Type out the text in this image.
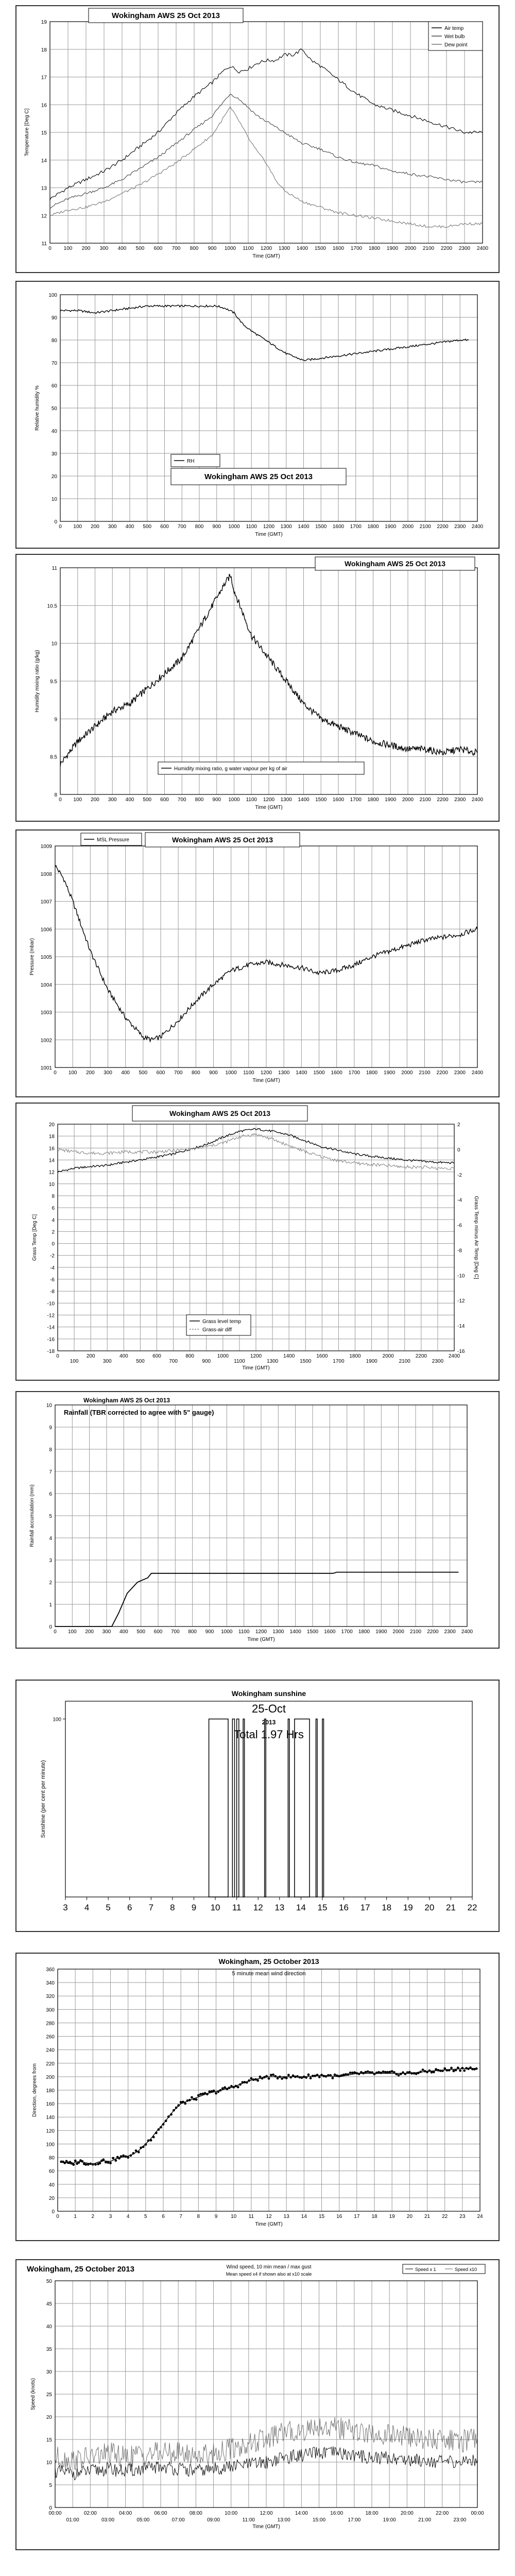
0 100 200 300 400 500 600 700 800 900 1000 1100 1200 1300 1400 1500 1600 1700 1800 1900 2000 2100 2200 2300 2400
11
12
13
14
15
16
17
18
19
Time (GMT)
Temperature [Deg C]
Wokingham AWS 25 Oct 2013
Air temp
Wet bulb
Dew point
0 100 200 300 400 500 600 700 800 900 1000 1100 1200 1300 1400 1500 1600 1700 1800 1900 2000 2100 2200 2300 2400
0
10
20
30
40
50
60
70
80
90
100
Time (GMT)
Relative humidity %
RH
Wokingham AWS 25 Oct 2013
0 100 200 300 400 500 600 700 800 900 1000 1100 1200 1300 1400 1500 1600 1700 1800 1900 2000 2100 2200 2300 2400
8
8.5
9
9.5
10
10.5
11
Time (GMT)
Humidity mixing ratio (g/kg)
Wokingham AWS 25 Oct 2013
Humidity mixing ratio, g water vapour per kg of air
0 100 200 300 400 500 600 700 800 900 1000 1100 1200 1300 1400 1500 1600 1700 1800 1900 2000 2100 2200 2300 2400
1001
1002
1003
1004
1005
1006
1007
1008
1009
Time (GMT)
Pressure (mbar)
MSL Pressure	Wokingham AWS 25 Oct 2013
0
100
200
300
400
500
600
700
800
900
1000
1100
1200
1300
1400
1500
1600
1700
1800
1900
2000
2100
2200
2300
2400
-18
-16
-14
-12
-10
-8
-6
-4
-2
0
2
4
6
8
10
12
14
16
18
20
Time (GMT)
Grass Temp [Deg C]
-16
-14
-12
-10
-8
-6
-4
-2
0
2
Grass Temp minus Air Temp [Deg C]
Wokingham AWS 25 Oct 2013
Grass level temp
Grass-air diff
0 100 200 300 400 500 600 700 800 900 1000 1100 1200 1300 1400 1500 1600 1700 1800 1900 2000 2100 2200 2300 2400
0
1
2
3
4
5
6
7
8
9
10
Time (GMT)
Rainfall accumulation (mm)
Wokingham AWS 25 Oct 2013
Rainfall (TBR corrected to agree with 5" gauge)
3 4 5 6 7 8 9 10 11 12 13 14 15 16 17 18 19 20 21 22
100
Sunshine (per cent per minute)
Wokingham sunshine
25-Oct
2013
Total 1.97 Hrs
0	1	2	3	4	5	6	7	8	9	10 11 12 13 14 15 16 17 18 19 20 21 22 23 24
0
20
40
60
80
100
120
140
160
180
200
220
240
260
280
300
320
340
360
Time (GMT)
Direction, degrees from
Wokingham, 25 October 2013
5 minute mean wind direction
00:00	02:00	04:00	06:00	08:00	10:00	12:00	14:00	16:00	18:00	20:00	22:00	00:00
01:00	03:00	05:00	07:00	09:00	11:00	13:00	15:00	17:00	19:00	21:00	23:00
0
5
10
15
20
25
30
35
40
45
50
Time (GMT)
Speed (knots)
Wokingham, 25 October 2013	Wind speed, 10 min mean / max gust
Mean speed x4 if shown also at x10 scale
Speed x 1	Speed x10
